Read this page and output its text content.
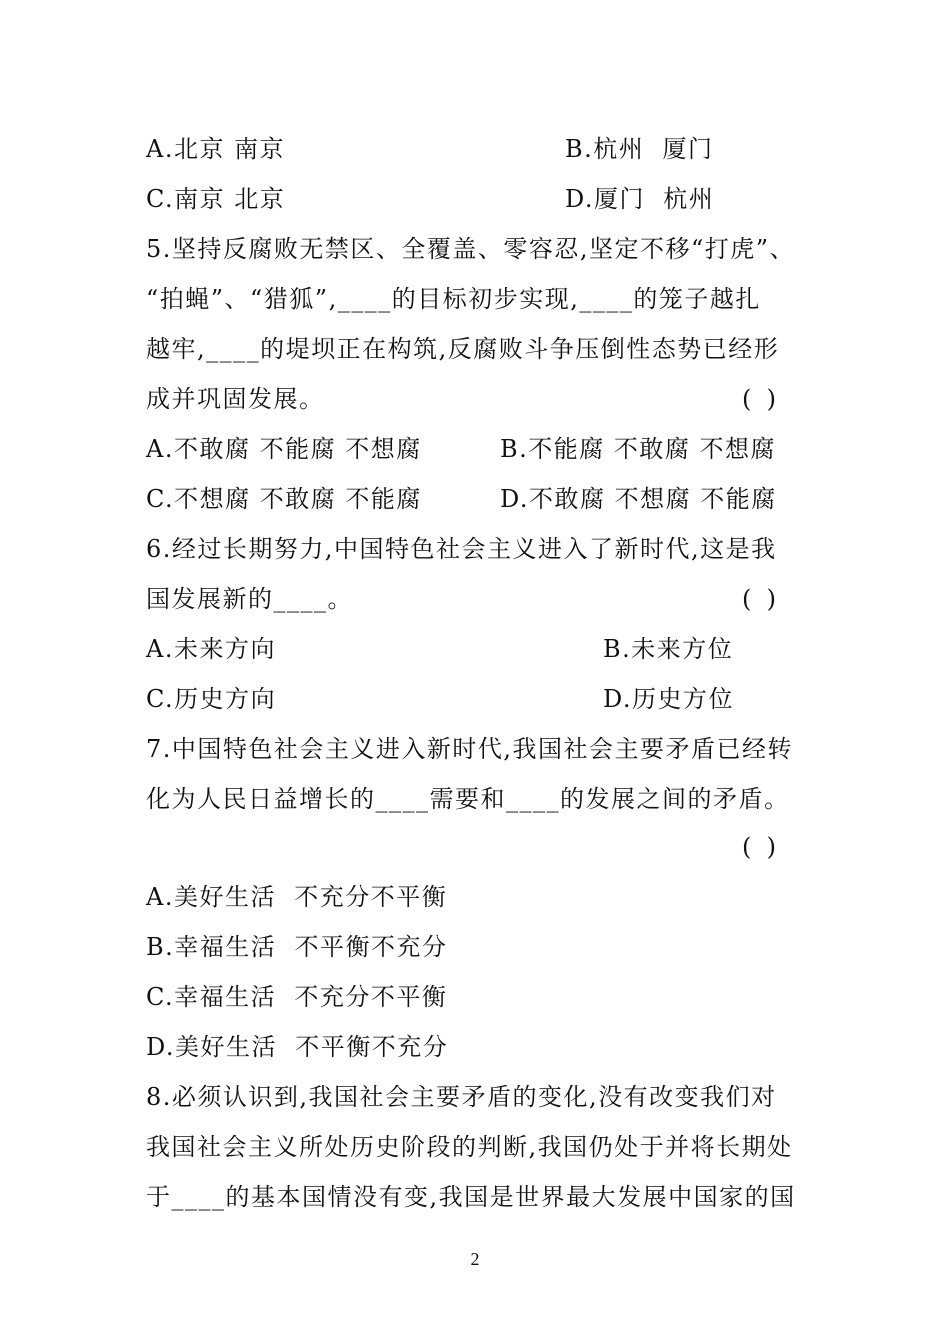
A.北京 南京	B.杭州  厦门
C.南京 北京	D.厦门  杭州
5.坚持反腐败无禁区、全覆盖、零容忍,坚定不移“打虎”、
“拍蝇”、“猎狐”,____的目标初步实现,____的笼子越扎
越牢,____的堤坝正在构筑,反腐败斗争压倒性态势已经形
成并巩固发展。	(  )
A.不敢腐 不能腐 不想腐	B.不能腐 不敢腐 不想腐
C.不想腐 不敢腐 不能腐	D.不敢腐 不想腐 不能腐
6.经过长期努力,中国特色社会主义进入了新时代,这是我
国发展新的____。	(  )
A.未来方向	B.未来方位
C.历史方向	D.历史方位
7.中国特色社会主义进入新时代,我国社会主要矛盾已经转
化为人民日益增长的____需要和____的发展之间的矛盾。
(  )
A.美好生活  不充分不平衡
B.幸福生活  不平衡不充分
C.幸福生活  不充分不平衡
D.美好生活  不平衡不充分
8.必须认识到,我国社会主要矛盾的变化,没有改变我们对
我国社会主义所处历史阶段的判断,我国仍处于并将长期处
于____的基本国情没有变,我国是世界最大发展中国家的国
2
